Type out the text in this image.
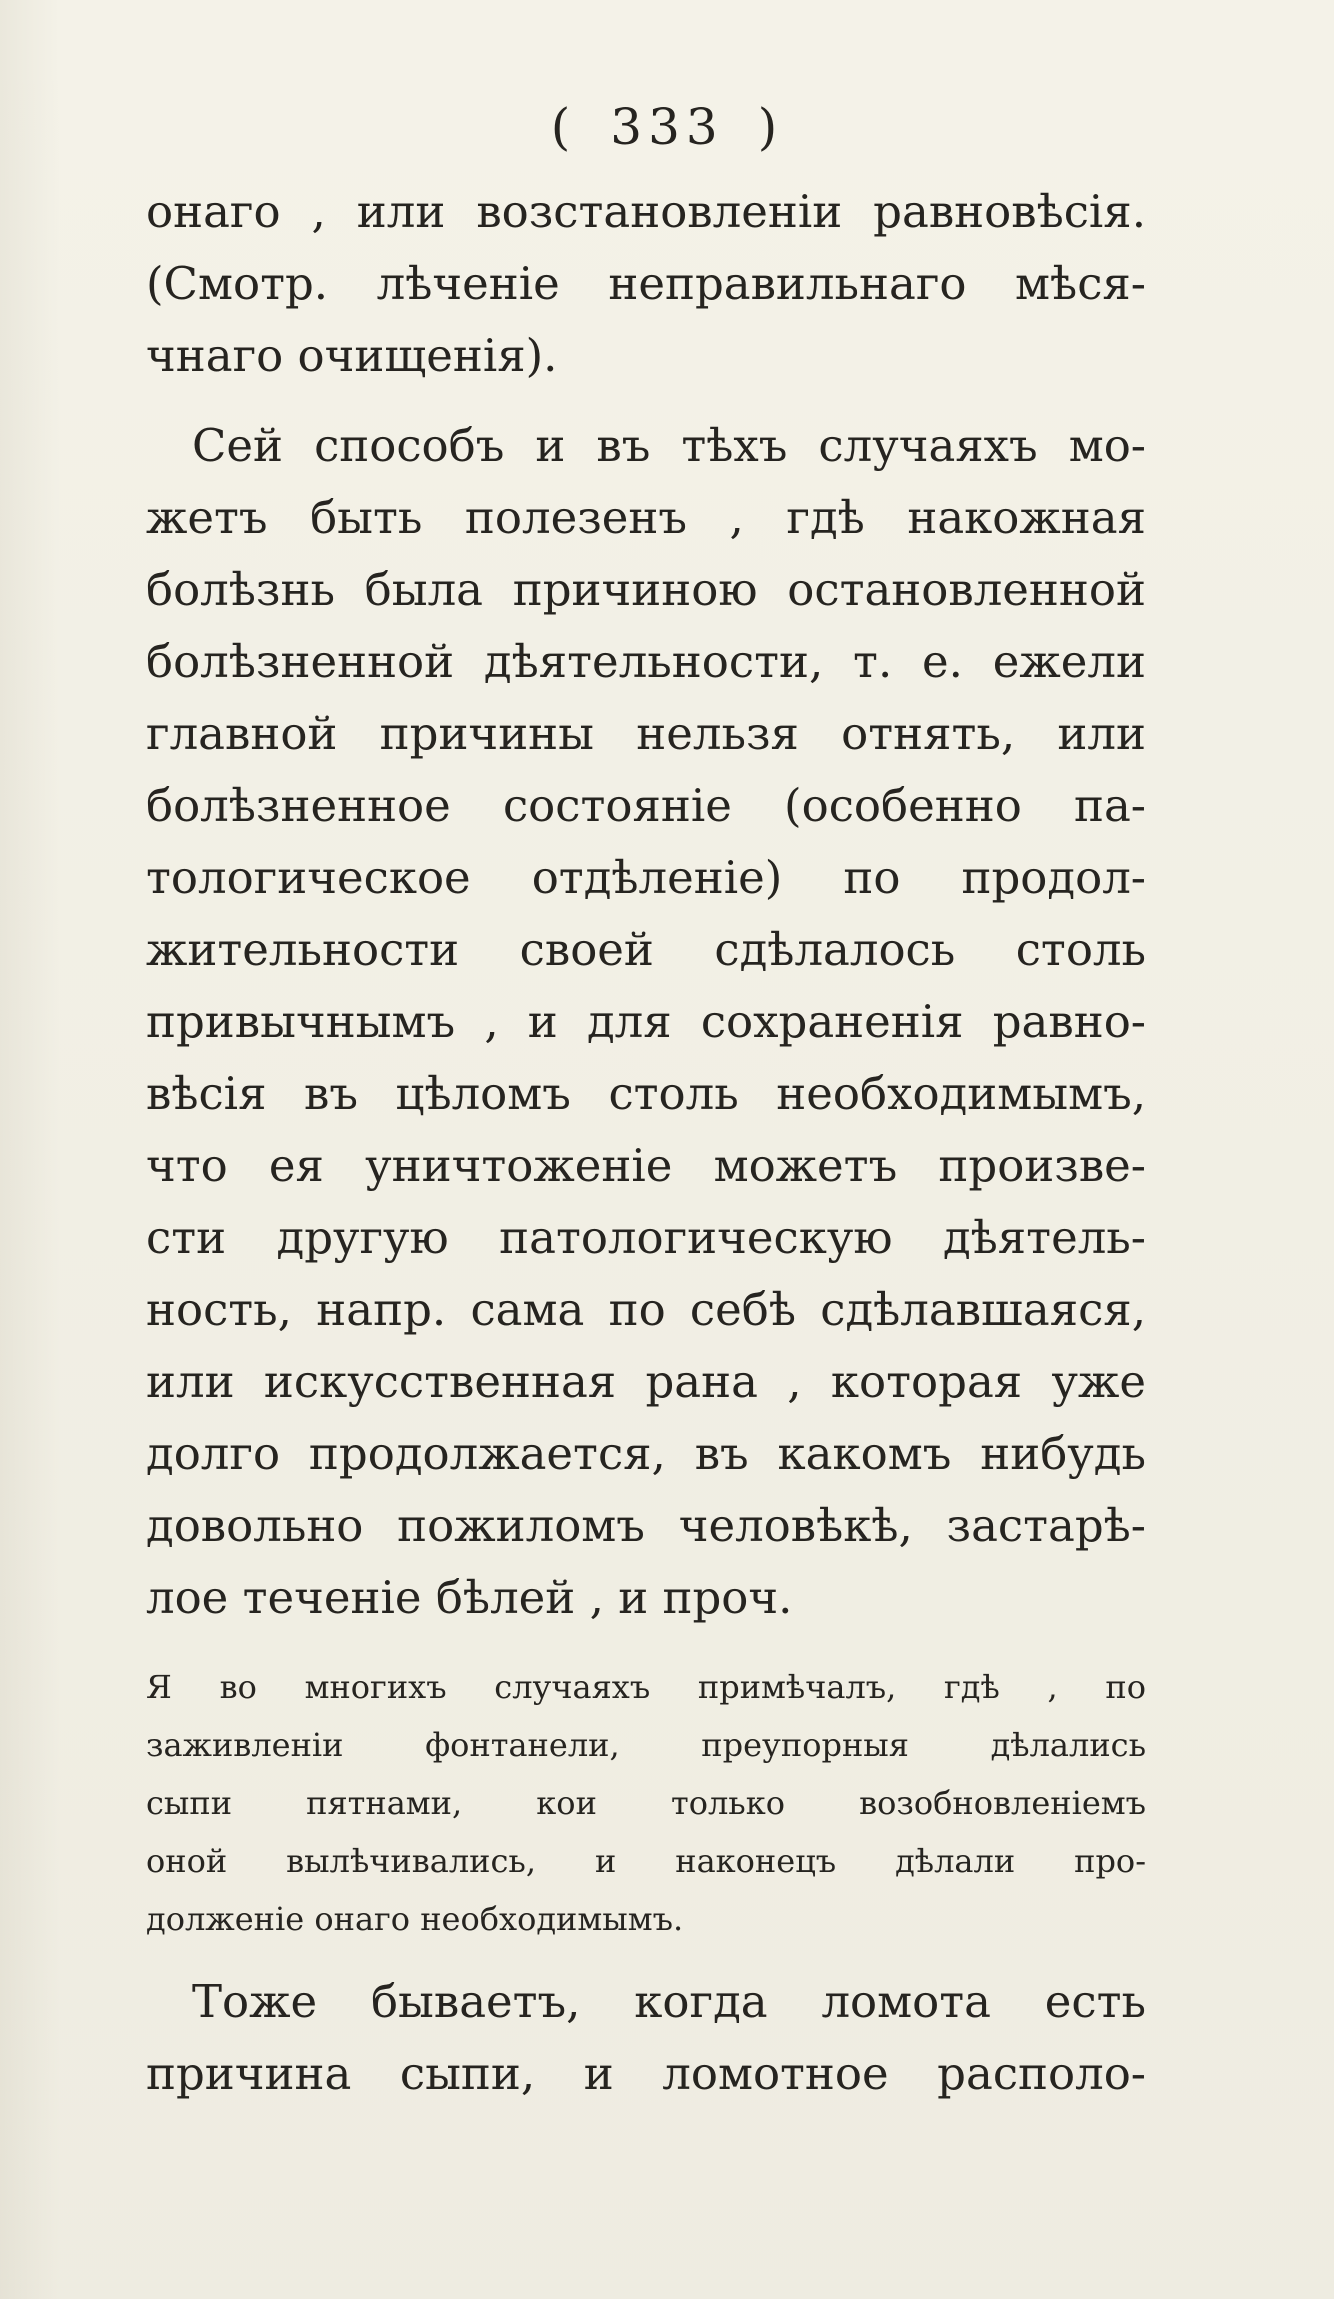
( 333 )
онаго , или возстановленіи равновѣсія.
(Смотр. лѣченіе неправильнаго мѣся-
чнаго очищенія).
Сей способъ и въ тѣхъ случаяхъ мо-
жетъ быть полезенъ , гдѣ накожная
болѣзнь была причиною остановленной
болѣзненной дѣятельности, т. е. ежели
главной причины нельзя отнять, или
болѣзненное состояніе (особенно па-
тологическое отдѣленіе) по продол-
жительности своей сдѣлалось столь
привычнымъ , и для сохраненія равно-
вѣсія въ цѣломъ столь необходимымъ,
что ея уничтоженіе можетъ произве-
сти другую патологическую дѣятель-
ность, напр. сама по себѣ сдѣлавшаяся,
или искусственная рана , которая уже
долго продолжается, въ какомъ нибудь
довольно пожиломъ человѣкѣ, застарѣ-
лое теченіе бѣлей , и проч.
Я во многихъ случаяхъ примѣчалъ, гдѣ , по
заживленіи фонтанели, преупорныя дѣлались
сыпи пятнами, кои только возобновленіемъ
оной вылѣчивались, и наконецъ дѣлали про-
долженіе онаго необходимымъ.
Тоже бываетъ, когда ломота есть
причина сыпи, и ломотное располо-
